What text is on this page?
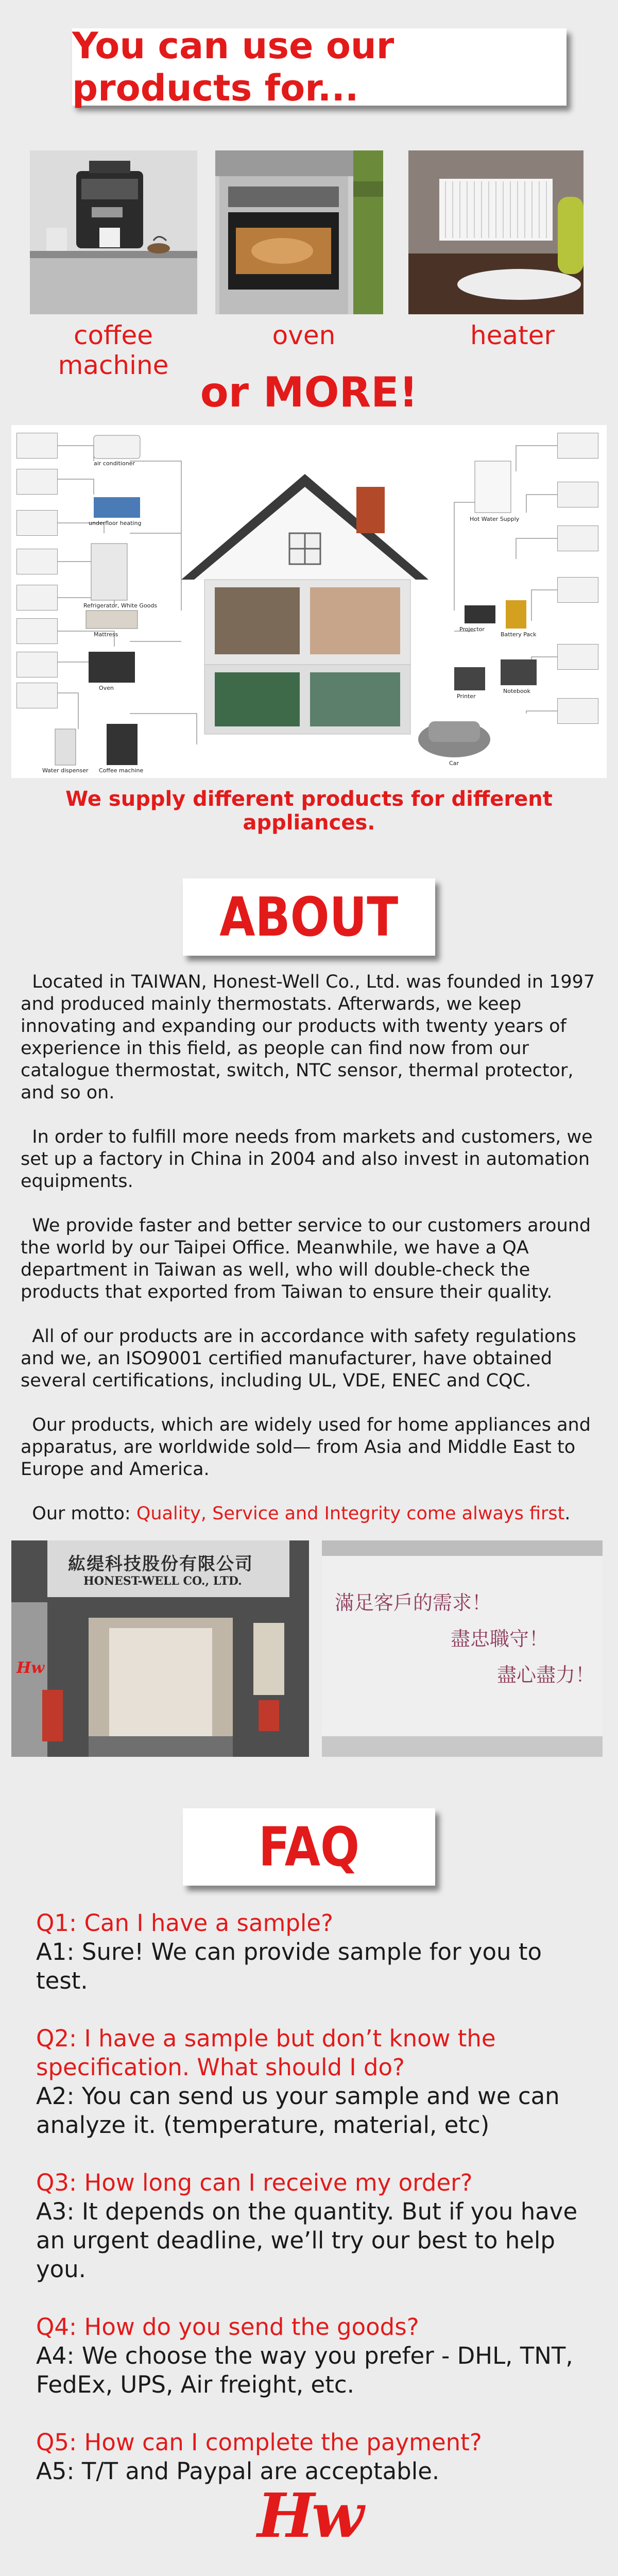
You can use our products for...
coffee machine
oven	heater
or MORE!
air conditioner
underfloor heating
Refrigerator, White Goods
Mattress
Oven
Water dispenser Coffee machine
Hot Water Supply
Projector
Battery Pack
Printer
Notebook
Car
We supply different products for different appliances.
ABOUT

Located in TAIWAN, Honest-Well Co., Ltd. was founded in 1997 and produced mainly thermostats. Afterwards, we keep innovating and expanding our products with twenty years of experience in this field, as people can find now from our catalogue thermostat, switch, NTC sensor, thermal protector, and so on.

In order to fulfill more needs from markets and customers, we set up a factory in China in 2004 and also invest in automation equipments.

We provide faster and better service to our customers around the world by our Taipei Office. Meanwhile, we have a QA department in Taiwan as well, who will double-check the products that exported from Taiwan to ensure their quality.

All of our products are in accordance with safety regulations and we, an ISO9001 certified manufacturer, have obtained several certifications, including UL, VDE, ENEC and CQC.

Our products, which are widely used for home appliances and apparatus, are worldwide sold— from Asia and Middle East to Europe and America.

Our motto: Quality, Service and Integrity come always first.

紘缇科技股份有限公司
HONEST-WELL CO., LTD.
Hw
滿足客戶的需求！
盡忠職守！
盡心盡力！
FAQ
Q1: Can I have a sample?
A1: Sure! We can provide sample for you to test.
Q2: I have a sample but don’t know the specification. What should I do?
A2: You can send us your sample and we can analyze it. (temperature, material, etc)
Q3: How long can I receive my order?
A3: It depends on the quantity. But if you have an urgent deadline, we’ll try our best to help you.
Q4: How do you send the goods?
A4: We choose the way you prefer - DHL, TNT, FedEx, UPS, Air freight, etc.
Q5: How can I complete the payment?
A5: T/T and Paypal are acceptable.
Hw
